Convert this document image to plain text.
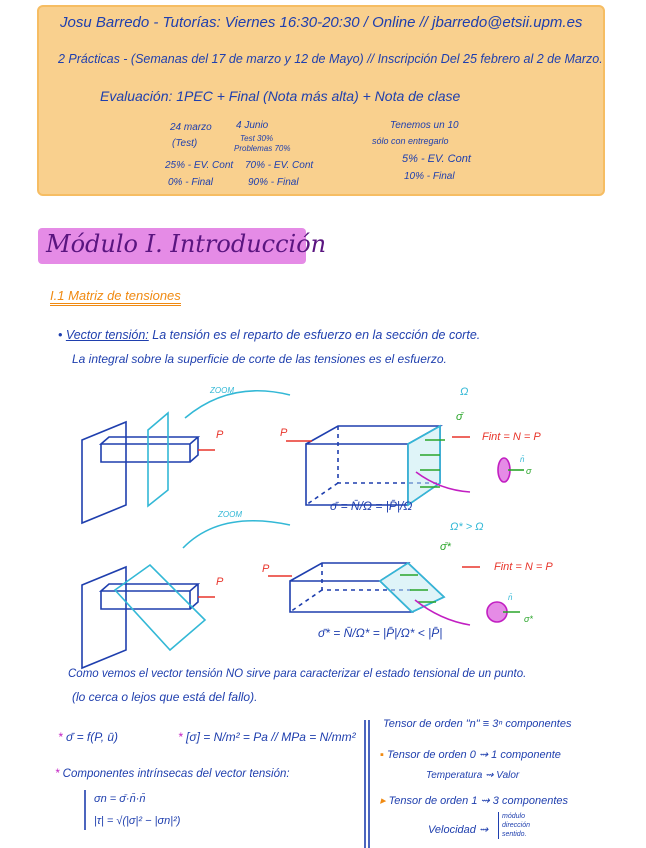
Josu Barredo - Tutorías: Viernes 16:30-20:30 / Online // jbarredo@etsii.upm.es
2 Prácticas - (Semanas del 17 de marzo y 12 de Mayo) // Inscripción Del 25 febrero al 2 de Marzo.
Evaluación: 1PEC + Final (Nota más alta) + Nota de clase
24 marzo
(Test)
4 Junio
Test 30%
Problemas 70%
Tenemos un 10
sólo con entregarlo
25% - EV. Cont
0% - Final
70% - EV. Cont
90% - Final
5% - EV. Cont
10% - Final
Módulo I. Introducción
I.1 Matriz de tensiones
• Vector tensión: La tensión es el reparto de esfuerzo en la sección de corte.
La integral sobre la superficie de corte de las tensiones es el esfuerzo.
ZOOM
P	P
Ω
σ̄
Fint = N = P
n̄
σ
σ̄ = N̄/Ω = |P̄|/Ω
ZOOM
P
P
Ω* > Ω
σ̄*
Fint = N = P
n̄
σ*
σ̄* = N̄/Ω* = |P̄|/Ω* < |P̄|
Como vemos el vector tensión NO sirve para caracterizar el estado tensional de un punto.
(lo cerca o lejos que está del fallo).
* σ̄ = f(P, ū)	* [σ] = N/m² = Pa // MPa = N/mm²
* Componentes intrínsecas del vector tensión:
σn = σ̄·n̄·n̄
|τ| = √(|σ|² − |σn|²)
Tensor de orden "n" ≡ 3ⁿ componentes
▪ Tensor de orden 0 ⇝ 1 componente
Temperatura ⇝ Valor
▸ Tensor de orden 1 ⇝ 3 componentes
Velocidad ⇝
módulo
dirección
sentido.
